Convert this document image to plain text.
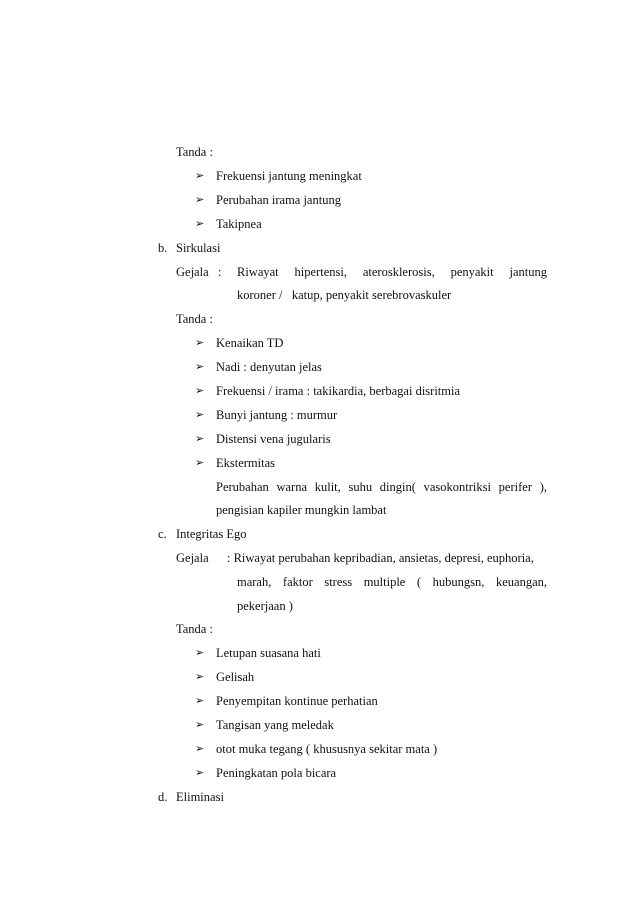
Tanda :
➢ Frekuensi jantung meningkat
➢ Perubahan irama jantung
➢ Takipnea
b. Sirkulasi
Gejala : Riwayat hipertensi, aterosklerosis, penyakit jantung
koroner /   katup, penyakit serebrovaskuler
Tanda :
➢ Kenaikan TD
➢ Nadi : denyutan jelas
➢ Frekuensi / irama : takikardia, berbagai disritmia
➢ Bunyi jantung : murmur
➢ Distensi vena jugularis
➢ Ekstermitas
Perubahan warna kulit, suhu dingin( vasokontriksi perifer ),
pengisian kapiler mungkin lambat
c. Integritas Ego
Gejala : Riwayat perubahan kepribadian, ansietas, depresi, euphoria,
marah, faktor stress multiple ( hubungsn, keuangan,
pekerjaan )
Tanda :
➢ Letupan suasana hati
➢ Gelisah
➢ Penyempitan kontinue perhatian
➢ Tangisan yang meledak
➢ otot muka tegang ( khususnya sekitar mata )
➢ Peningkatan pola bicara
d. Eliminasi
